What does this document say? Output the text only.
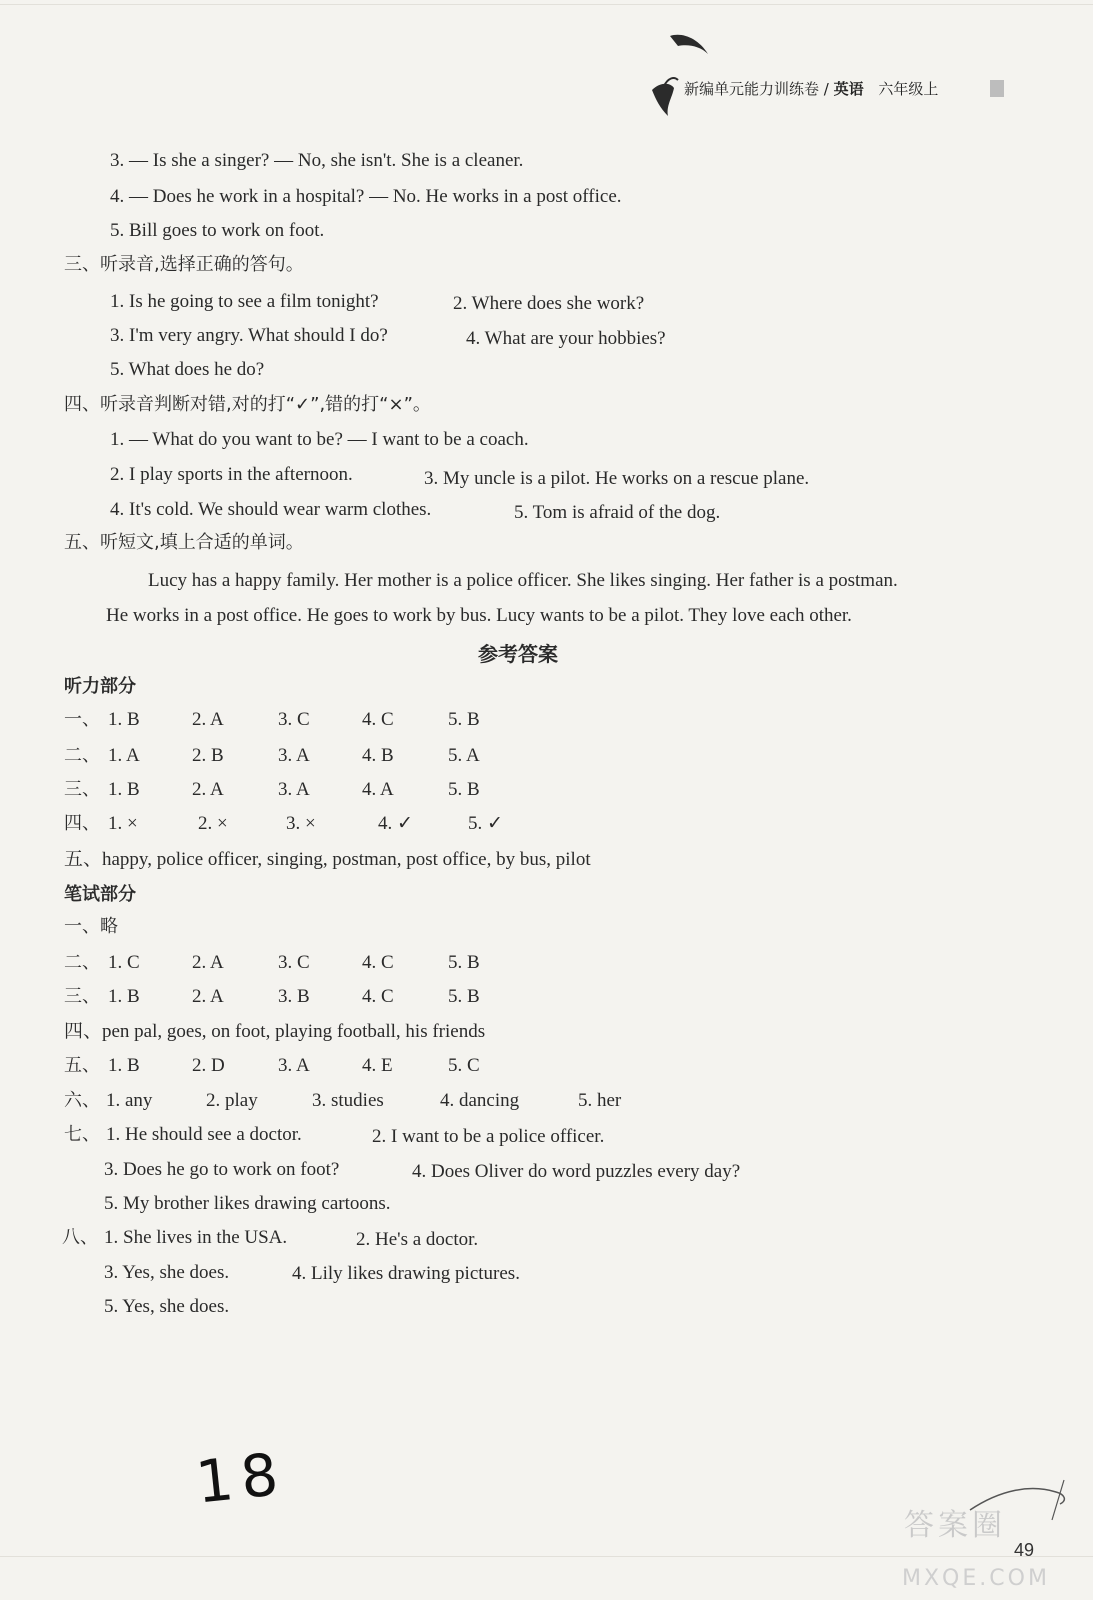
新编单元能力训练卷 / 英语 六年级上
3. — Is she a singer? — No, she isn't. She is a cleaner.
4. — Does he work in a hospital? — No. He works in a post office.
5. Bill goes to work on foot.
三、听录音,选择正确的答句。
1. Is he going to see a film tonight?	2. Where does she work?
3. I'm very angry. What should I do?	4. What are your hobbies?
5. What does he do?
四、听录音判断对错,对的打“✓”,错的打“×”。
1. — What do you want to be? — I want to be a coach.
2. I play sports in the afternoon.	3. My uncle is a pilot. He works on a rescue plane.
4. It's cold. We should wear warm clothes.	5. Tom is afraid of the dog.
五、听短文,填上合适的单词。
Lucy has a happy family. Her mother is a police officer. She likes singing. Her father is a postman.
He works in a post office. He goes to work by bus. Lucy wants to be a pilot. They love each other.
参考答案
听力部分
一、 1. B	2. A	3. C	4. C	5. B
二、 1. A	2. B	3. A	4. B	5. A
三、 1. B	2. A	3. A	4. A	5. B
四、 1. ×	2. ×	3. ×	4. ✓	5. ✓
五、happy, police officer, singing, postman, post office, by bus, pilot
笔试部分
一、略
二、 1. C	2. A	3. C	4. C	5. B
三、 1. B	2. A	3. B	4. C	5. B
四、pen pal, goes, on foot, playing football, his friends
五、 1. B	2. D	3. A	4. E	5. C
六、 1. any	2. play	3. studies	4. dancing	5. her
七、 1. He should see a doctor.	2. I want to be a police officer.
3. Does he go to work on foot?	4. Does Oliver do word puzzles every day?
5. My brother likes drawing cartoons.
八、 1. She lives in the USA.	2. He's a doctor.
3. Yes, she does.	4. Lily likes drawing pictures.
5. Yes, she does.
18
答案圈
49
MXQE.COM
